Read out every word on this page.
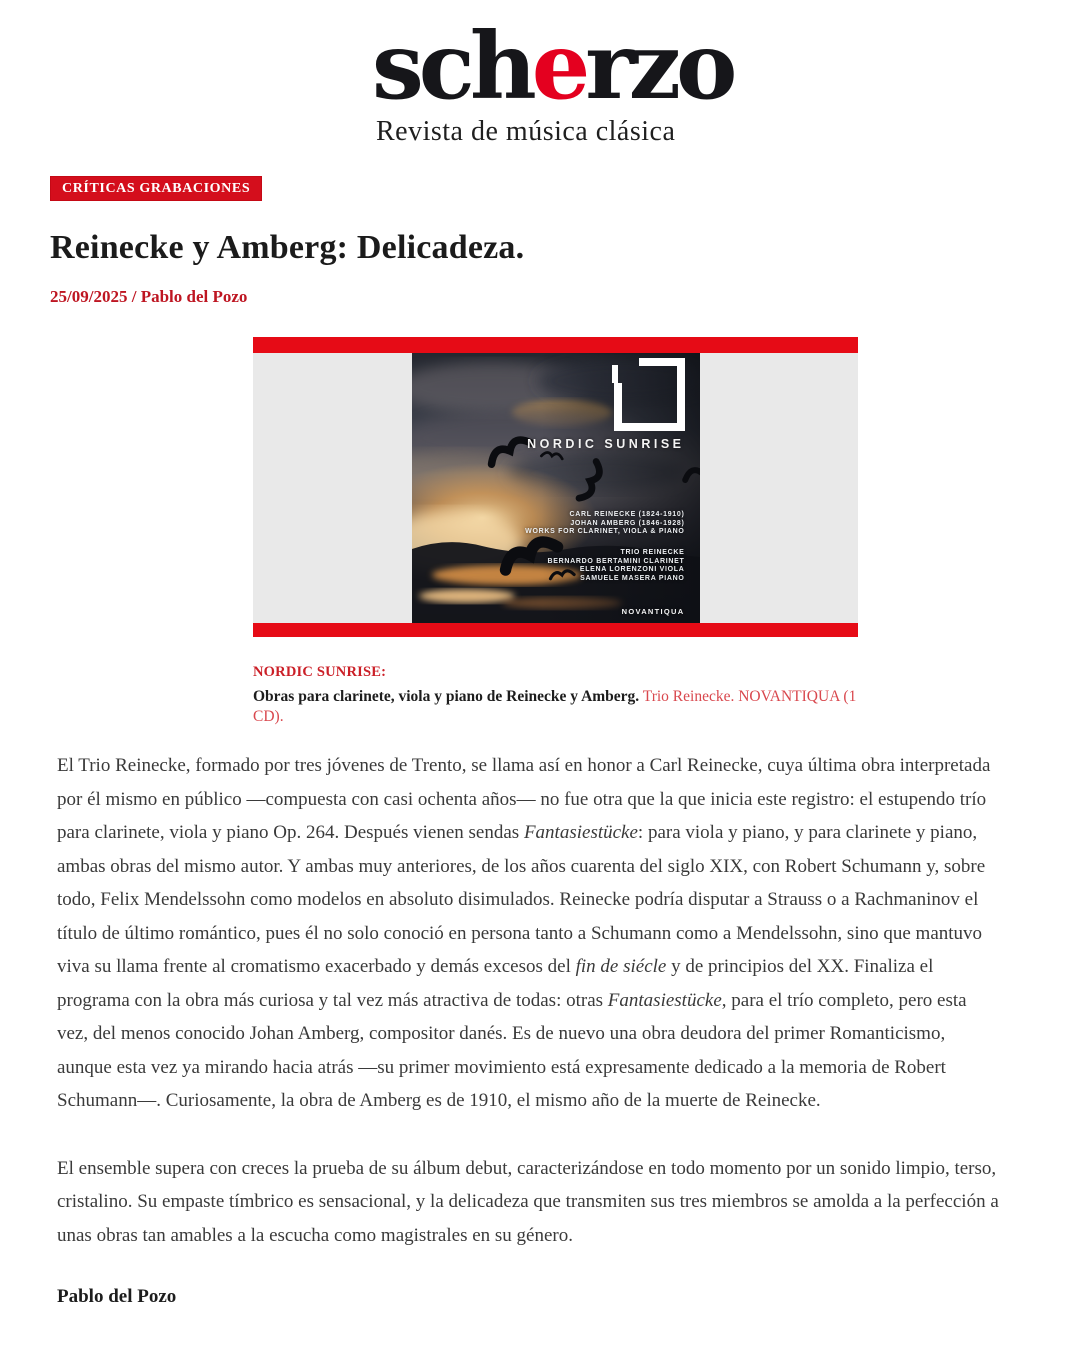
scherzo
Revista de música clásica
CRÍTICAS GRABACIONES
Reinecke y Amberg: Delicadeza.
25/09/2025 / Pablo del Pozo
NORDIC SUNRISE
CARL REINECKE (1824-1910)
JOHAN AMBERG (1846-1928)
WORKS FOR CLARINET, VIOLA & PIANO
TRIO REINECKE
BERNARDO BERTAMINI CLARINET
ELENA LORENZONI VIOLA
SAMUELE MASERA PIANO
NOVANTIQUA
NORDIC SUNRISE:
Obras para clarinete, viola y piano de Reinecke y Amberg. Trio Reinecke. NOVANTIQUA (1 CD).

El Trio Reinecke, formado por tres jóvenes de Trento, se llama así en honor a Carl Reinecke, cuya última obra interpretada por él mismo en público —compuesta con casi ochenta años— no fue otra que la que inicia este registro: el estupendo trío para clarinete, viola y piano Op. 264. Después vienen sendas Fantasiestücke: para viola y piano, y para clarinete y piano, ambas obras del mismo autor. Y ambas muy anteriores, de los años cuarenta del siglo XIX, con Robert Schumann y, sobre todo, Felix Mendelssohn como modelos en absoluto disimulados. Reinecke podría disputar a Strauss o a Rachmaninov el título de último romántico, pues él no solo conoció en persona tanto a Schumann como a Mendelssohn, sino que mantuvo viva su llama frente al cromatismo exacerbado y demás excesos del fin de siécle y de principios del XX. Finaliza el programa con la obra más curiosa y tal vez más atractiva de todas: otras Fantasiestücke, para el trío completo, pero esta vez, del menos conocido Johan Amberg, compositor danés. Es de nuevo una obra deudora del primer Romanticismo, aunque esta vez ya mirando hacia atrás —su primer movimiento está expresamente dedicado a la memoria de Robert Schumann—. Curiosamente, la obra de Amberg es de 1910, el mismo año de la muerte de Reinecke.

El ensemble supera con creces la prueba de su álbum debut, caracterizándose en todo momento por un sonido limpio, terso, cristalino. Su empaste tímbrico es sensacional, y la delicadeza que transmiten sus tres miembros se amolda a la perfección a unas obras tan amables a la escucha como magistrales en su género.

Pablo del Pozo
